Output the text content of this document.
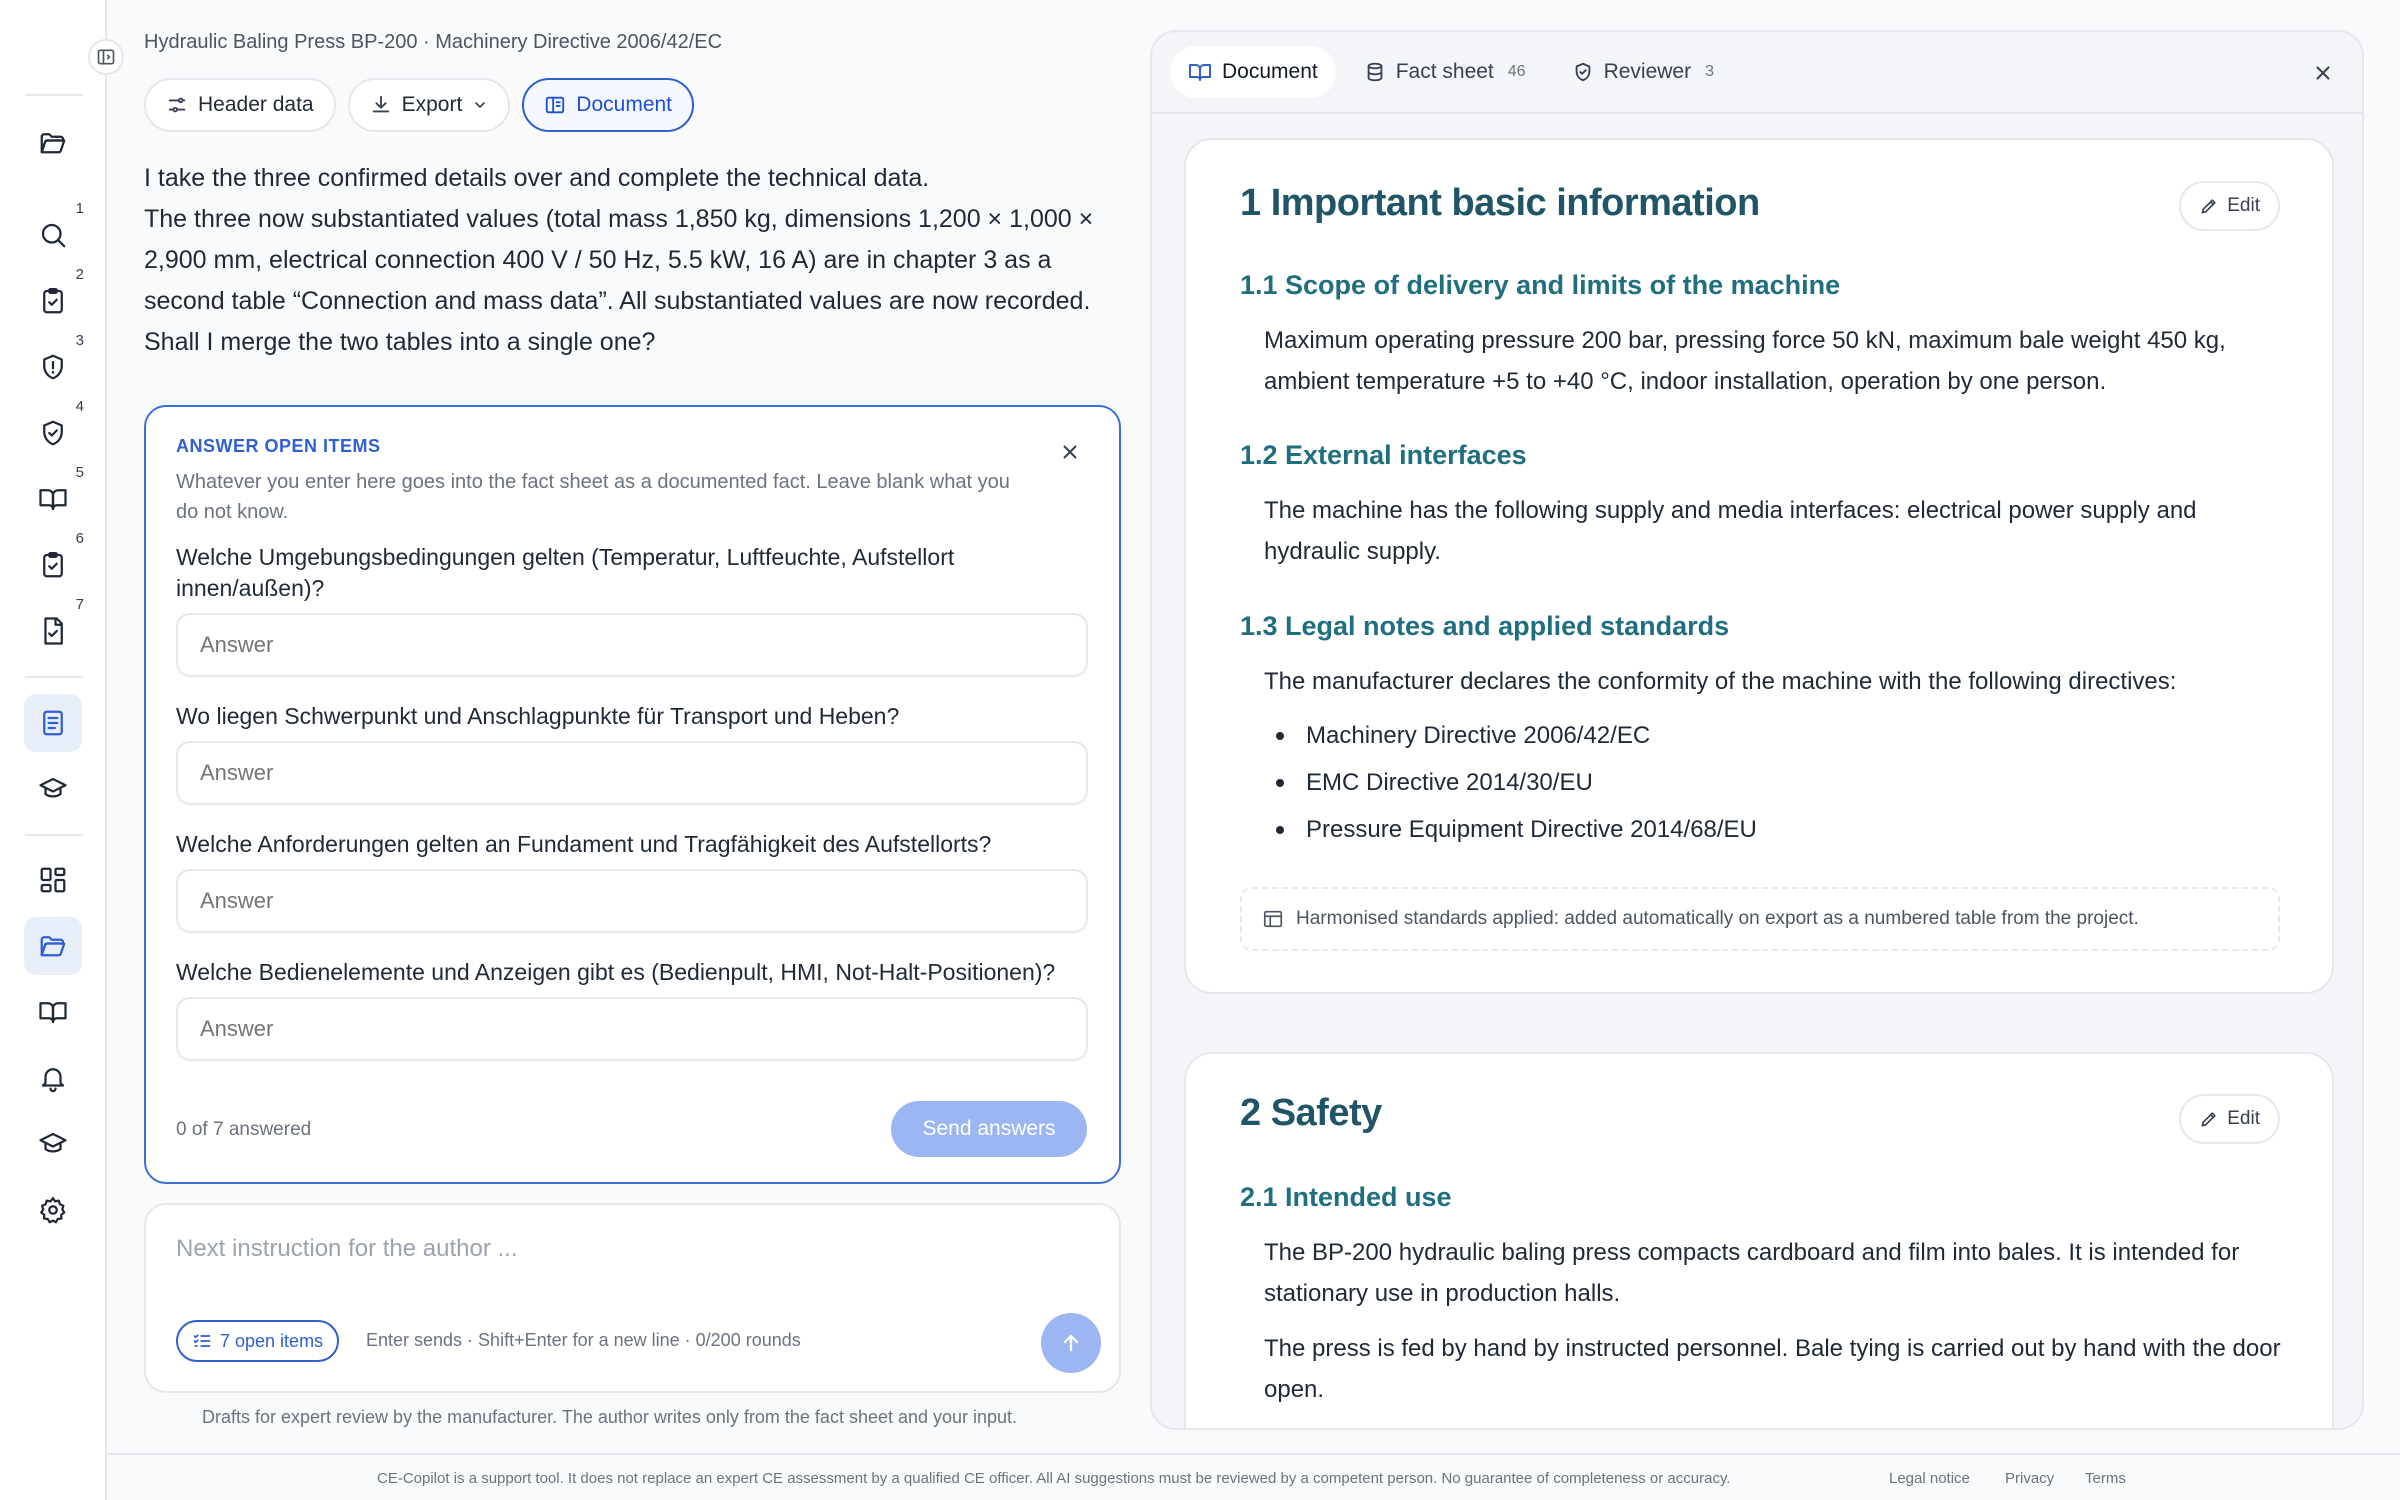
1
2
3
4
5
6
7
Hydraulic Baling Press BP-200 · Machinery Directive 2006/42/EC
Header data	Export	Document

I take the three confirmed details over and complete the technical data.

The three now substantiated values (total mass 1,850 kg, dimensions 1,200 × 1,000 × 2,900 mm, electrical connection 400 V / 50 Hz, 5.5 kW, 16 A) are in chapter 3 as a second table “Connection and mass data”. All substantiated values are now recorded. Shall I merge the two tables into a single one?

ANSWER OPEN ITEMS
Whatever you enter here goes into the fact sheet as a documented fact. Leave blank what you do not know.
Welche Umgebungsbedingungen gelten (Temperatur, Luftfeuchte, Aufstellort innen/außen)?
Answer
Wo liegen Schwerpunkt und Anschlagpunkte für Transport und Heben?
Answer
Welche Anforderungen gelten an Fundament und Tragfähigkeit des Aufstellorts?
Answer
Welche Bedienelemente und Anzeigen gibt es (Bedienpult, HMI, Not-Halt-Positionen)?
Answer
0 of 7 answered	Send answers
Next instruction for the author ...
7 open items Enter sends · Shift+Enter for a new line · 0/200 rounds
Drafts for expert review by the manufacturer. The author writes only from the fact sheet and your input.
Document	Fact sheet 46	Reviewer 3
1 Important basic information	Edit
1.1 Scope of delivery and limits of the machine
Maximum operating pressure 200 bar, pressing force 50 kN, maximum bale weight 450 kg, ambient temperature +5 to +40 °C, indoor installation, operation by one person.
1.2 External interfaces
The machine has the following supply and media interfaces: electrical power supply and hydraulic supply.
1.3 Legal notes and applied standards
The manufacturer declares the conformity of the machine with the following directives:
Machinery Directive 2006/42/EC
EMC Directive 2014/30/EU
Pressure Equipment Directive 2014/68/EU
Harmonised standards applied: added automatically on export as a numbered table from the project.
2 Safety	Edit
2.1 Intended use
The BP-200 hydraulic baling press compacts cardboard and film into bales. It is intended for stationary use in production halls.
The press is fed by hand by instructed personnel. Bale tying is carried out by hand with the door open.
CE-Copilot is a support tool. It does not replace an expert CE assessment by a qualified CE officer. All AI suggestions must be reviewed by a competent person. No guarantee of completeness or accuracy.	Legal notice Privacy Terms
